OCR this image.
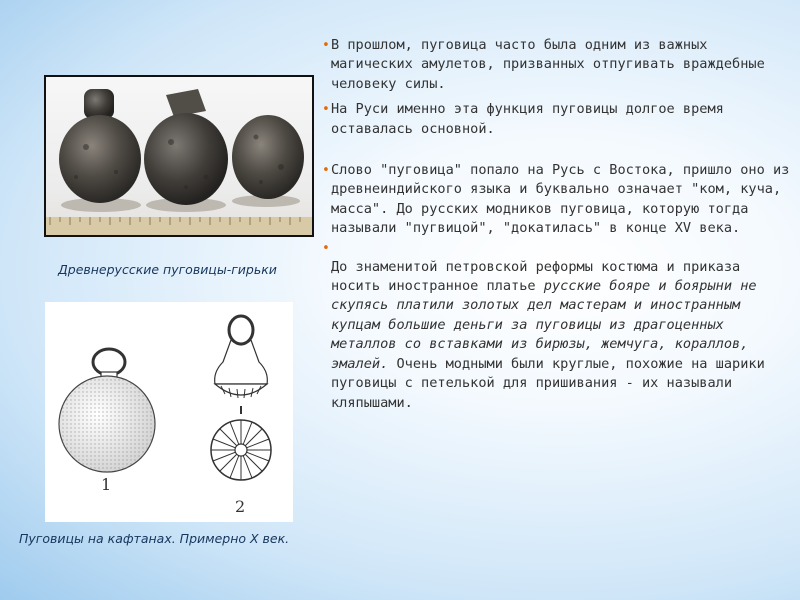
Древнерусские пуговицы-гирьки
1
2
Пуговицы на кафтанах. Примерно X век.

• В прошлом, пуговица часто была одним из важных магических амулетов, призванных отпугивать враждебные человеку силы.

• На Руси именно эта функция пуговицы долгое время оставалась основной.

• Слово "пуговица" попало на Русь с Востока, пришло оно из древнеиндийского языка и буквально означает "ком, куча, масса". До русских модников пуговица, которую тогда называли "пугвицой", "докатилась" в конце XV века.

•

До знаменитой петровской реформы костюма и приказа носить иностранное платье русские бояре и боярыни не скупясь платили золотых дел мастерам и иностранным купцам большие деньги за пуговицы из драгоценных металлов со вставками из бирюзы, жемчуга, кораллов, эмалей. Очень модными были круглые, похожие на шарики пуговицы с петелькой для пришивания - их называли кляпышами.
